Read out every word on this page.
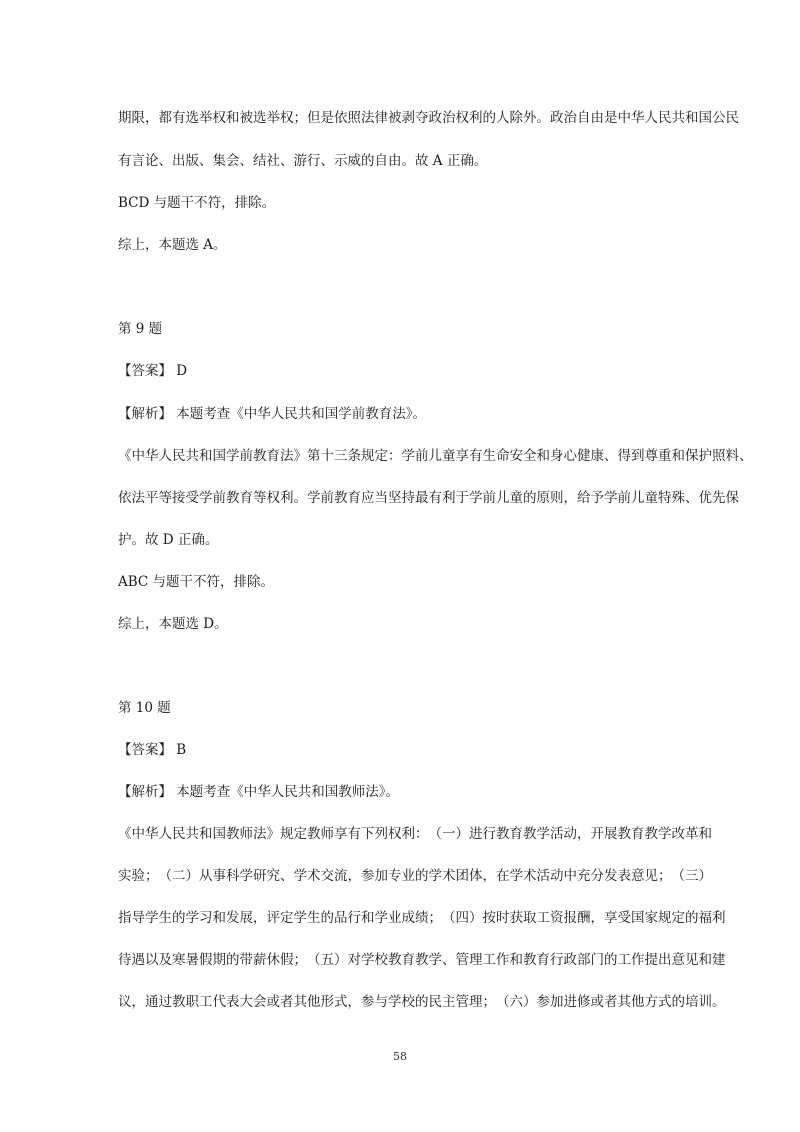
期限，都有选举权和被选举权；但是依照法律被剥夺政治权利的人除外。政治自由是中华人民共和国公民
有言论、出版、集会、结社、游行、示威的自由。故 A 正确。
BCD 与题干不符，排除。
综上，本题选 A。
第 9 题
【答案】 D
【解析】 本题考查《中华人民共和国学前教育法》。
《中华人民共和国学前教育法》第十三条规定：学前儿童享有生命安全和身心健康、得到尊重和保护照料、
依法平等接受学前教育等权利。学前教育应当坚持最有利于学前儿童的原则，给予学前儿童特殊、优先保
护。故 D 正确。
ABC 与题干不符，排除。
综上，本题选 D。
第 10 题
【答案】 B
【解析】 本题考查《中华人民共和国教师法》。
《中华人民共和国教师法》规定教师享有下列权利：　（一）进行教育教学活动，开展教育教学改革和
实验；　（二）从事科学研究、学术交流，参加专业的学术团体，在学术活动中充分发表意见；　（三）
指导学生的学习和发展，评定学生的品行和学业成绩；　（四）按时获取工资报酬，享受国家规定的福利
待遇以及寒暑假期的带薪休假；　（五）对学校教育教学、管理工作和教育行政部门的工作提出意见和建
议，通过教职工代表大会或者其他形式，参与学校的民主管理；　（六）参加进修或者其他方式的培训。
58
